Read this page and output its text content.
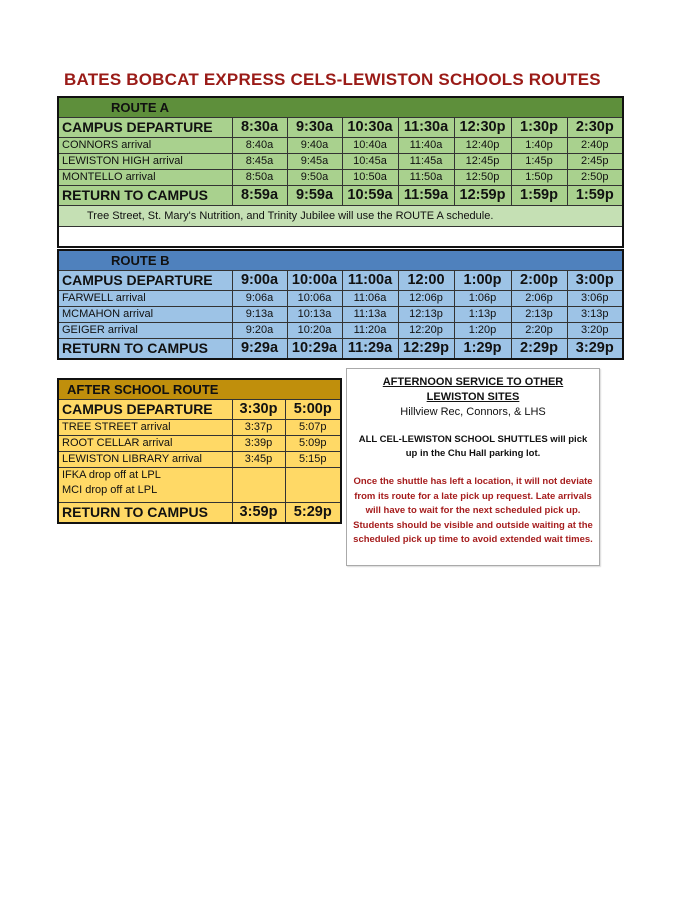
BATES BOBCAT EXPRESS CELS-LEWISTON SCHOOLS ROUTES
ROUTE A							
CAMPUS DEPARTURE	8:30a	9:30a	10:30a	11:30a	12:30p	1:30p	2:30p
CONNORS arrival	8:40a	9:40a	10:40a	11:40a	12:40p	1:40p	2:40p
LEWISTON HIGH arrival	8:45a	9:45a	10:45a	11:45a	12:45p	1:45p	2:45p
MONTELLO arrival	8:50a	9:50a	10:50a	11:50a	12:50p	1:50p	2:50p
RETURN TO CAMPUS	8:59a	9:59a	10:59a	11:59a	12:59p	1:59p	1:59p
Tree Street, St. Mary's Nutrition, and Trinity Jubilee will use the ROUTE A schedule.							

ROUTE B							
CAMPUS DEPARTURE	9:00a	10:00a	11:00a	12:00	1:00p	2:00p	3:00p
FARWELL arrival	9:06a	10:06a	11:06a	12:06p	1:06p	2:06p	3:06p
MCMAHON arrival	9:13a	10:13a	11:13a	12:13p	1:13p	2:13p	3:13p
GEIGER arrival	9:20a	10:20a	11:20a	12:20p	1:20p	2:20p	3:20p
RETURN TO CAMPUS	9:29a	10:29a	11:29a	12:29p	1:29p	2:29p	3:29p
AFTER SCHOOL ROUTE		
CAMPUS DEPARTURE	3:30p	5:00p
TREE STREET arrival	3:37p	5:07p
ROOT CELLAR arrival	3:39p	5:09p
LEWISTON LIBRARY arrival	3:45p	5:15p

IFKA drop off at LPL
MCI drop off at LPL		

RETURN TO CAMPUS	3:59p	5:29p
AFTERNOON SERVICE TO OTHER LEWISTON SITES
Hillview Rec, Connors, & LHS
ALL CEL-LEWISTON SCHOOL SHUTTLES will pick up in the Chu Hall parking lot.
Once the shuttle has left a location, it will not deviate from its route for a late pick up request. Late arrivals will have to wait for the next scheduled pick up. Students should be visible and outside waiting at the scheduled pick up time to avoid extended wait times.
